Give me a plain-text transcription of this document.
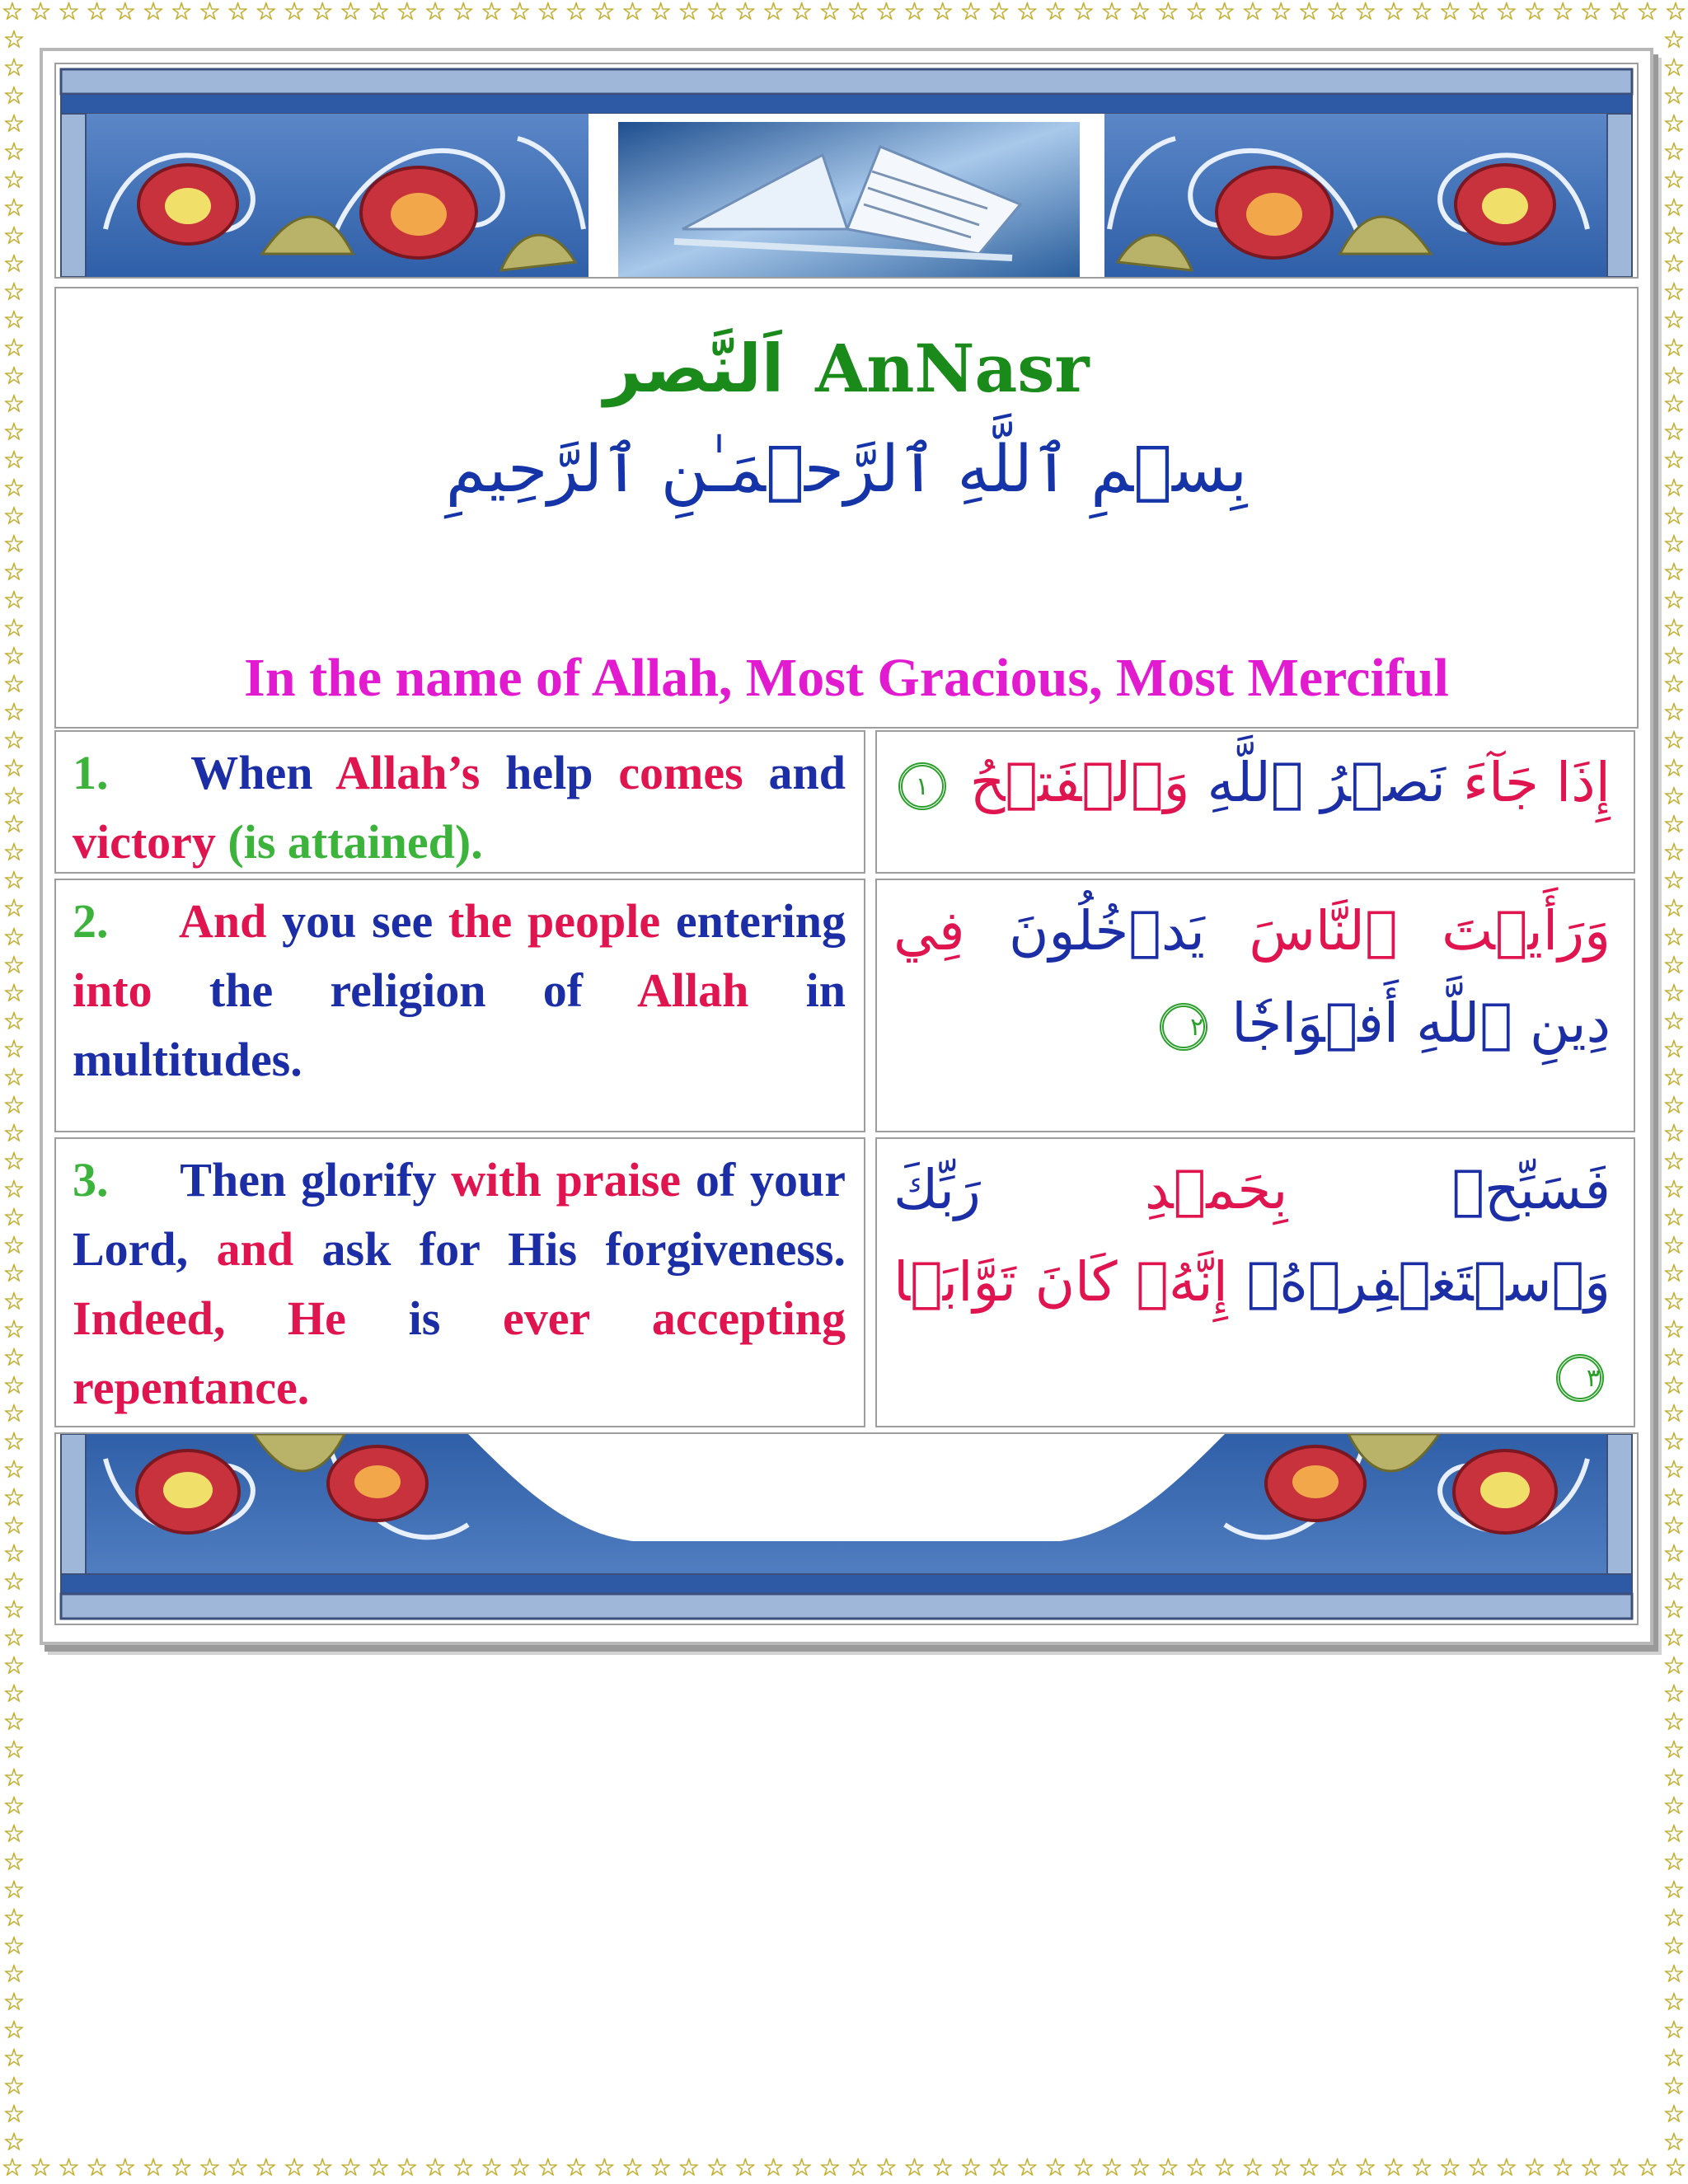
☆ ☆ ☆ ☆ ☆ ☆ ☆ ☆ ☆ ☆ ☆ ☆ ☆ ☆ ☆ ☆ ☆ ☆ ☆ ☆ ☆ ☆ ☆ ☆ ☆ ☆ ☆ ☆ ☆ ☆ ☆ ☆ ☆ ☆ ☆ ☆ ☆ ☆ ☆ ☆ ☆ ☆ ☆ ☆ ☆ ☆ ☆ ☆ ☆ ☆ ☆ ☆ ☆ ☆ ☆ ☆ ☆ ☆ ☆ ☆
☆ ☆ ☆ ☆ ☆ ☆ ☆ ☆ ☆ ☆ ☆ ☆ ☆ ☆ ☆ ☆ ☆ ☆ ☆ ☆ ☆ ☆ ☆ ☆ ☆ ☆ ☆ ☆ ☆ ☆ ☆ ☆ ☆ ☆ ☆ ☆ ☆ ☆ ☆ ☆ ☆ ☆ ☆ ☆ ☆ ☆ ☆ ☆ ☆ ☆ ☆ ☆ ☆ ☆ ☆ ☆ ☆ ☆ ☆ ☆
☆
☆
☆
☆
☆
☆
☆
☆
☆
☆
☆
☆
☆
☆
☆
☆
☆
☆
☆
☆
☆
☆
☆
☆
☆
☆
☆
☆
☆
☆
☆
☆
☆
☆
☆
☆
☆
☆
☆
☆
☆
☆
☆
☆
☆
☆
☆
☆
☆
☆
☆
☆
☆
☆
☆
☆
☆
☆
☆
☆
☆
☆
☆
☆
☆
☆
☆
☆
☆
☆
☆
☆
☆
☆
☆
☆
☆
☆
☆
☆
☆
☆
☆
☆
☆
☆
☆
☆
☆
☆
☆
☆
☆
☆
☆
☆
☆
☆
☆
☆
☆
☆
☆
☆
☆
☆
☆
☆
☆
☆
☆
☆
☆
☆
☆
☆
☆
☆
☆
☆
☆
☆
☆
☆
☆
☆
☆
☆
☆
☆
☆
☆
☆
☆
☆
☆
☆
☆
☆
☆
☆
☆
☆
☆
☆
☆
☆
☆
☆
☆
☆
☆
اَلنَّصر AnNasr
بِسۡمِ ٱللَّهِ ٱلرَّحۡمَـٰنِ ٱلرَّحِيمِ
In the name of Allah, Most Gracious, Most Merciful

1. When Allah’s help comes and victory (is attained).

إِذَا جَآءَ نَصۡرُ ٱللَّهِ وَٱلۡفَتۡحُ ١

2. And you see the people entering into the religion of Allah in multitudes.

وَرَأَيۡتَ ٱلنَّاسَ يَدۡخُلُونَ فِي دِينِ ٱللَّهِ أَفۡوَاجٗا ٢

3. Then glorify with praise of your Lord, and ask for His forgiveness. Indeed, He is ever accepting repentance.

فَسَبِّحۡ بِحَمۡدِ رَبِّكَ وَٱسۡتَغۡفِرۡهُۚ إِنَّهُۥ كَانَ تَوَّابَۢا ٣
